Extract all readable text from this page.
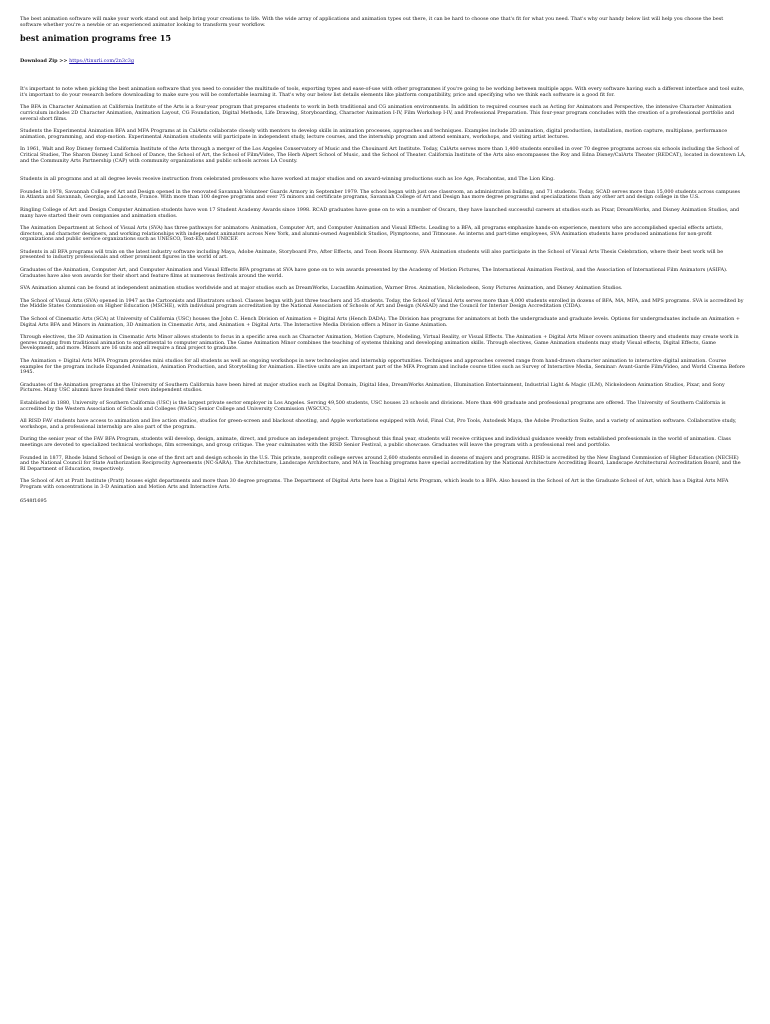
The best animation software will make your work stand out and help bring your creations to life. With the wide array of applications and animation types out there, it can be hard to choose one that's fit for what you need. That's why our handy below list will help you choose the best software whether you're a newbie or an experienced animator looking to transform your workflow.

best animation programs free 15
Download Zip >> https://tinurli.com/2n3c3g

It's important to note when picking the best animation software that you need to consider the multitude of tools, exporting types and ease-of-use with other programmes if you're going to be working between multiple apps. With every software having such a different interface and tool suite, it's important to do your research before downloading to make sure you will be comfortable learning it. That's why our below list details elements like platform compatibility, price and specifying who we think each software is a good fit for.

The BFA in Character Animation at California Institute of the Arts is a four-year program that prepares students to work in both traditional and CG animation environments. In addition to required courses such as Acting for Animators and Perspective, the intensive Character Animation curriculum includes 2D Character Animation, Animation Layout, CG Foundation, Digital Methods, Life Drawing, Storyboarding, Character Animation I-IV, Film Workshop I-IV, and Professional Preparation. This four-year program concludes with the creation of a professional portfolio and several short films.

Students the Experimental Animation BFA and MFA Programs at in CalArts collaborate closely with mentors to develop skills in animation processes, approaches and techniques. Examples include 2D animation, digital production, installation, motion capture, multiplane, performance animation, programming, and stop-motion. Experimental Animation students will participate in independent study, lecture courses, and the internship program and attend seminars, workshops, and visiting artist lectures.

In 1961, Walt and Roy Disney formed California Institute of the Arts through a merger of the Los Angeles Conservatory of Music and the Chouinard Art Institute. Today, CalArts serves more than 1,400 students enrolled in over 70 degree programs across six schools including the School of Critical Studies, The Sharon Disney Lund School of Dance, the School of Art, the School of Film/Video, The Herb Alpert School of Music, and the School of Theater. California Institute of the Arts also encompasses the Roy and Edna Disney/CalArts Theater (REDCAT), located in downtown LA, and the Community Arts Partnership (CAP) with community organizations and public schools across LA County.

Students in all programs and at all degree levels receive instruction from celebrated professors who have worked at major studios and on award-winning productions such as Ice Age, Pocahontas, and The Lion King.

Founded in 1978, Savannah College of Art and Design opened in the renovated Savannah Volunteer Guards Armory in September 1979. The school began with just one classroom, an administration building, and 71 students. Today, SCAD serves more than 15,000 students across campuses in Atlanta and Savannah, Georgia, and Lacoste, France. With more than 100 degree programs and over 75 minors and certificate programs, Savannah College of Art and Design has more degree programs and specializations than any other art and design college in the U.S.

Ringling College of Art and Design Computer Animation students have won 17 Student Academy Awards since 1998. RCAD graduates have gone on to win a number of Oscars, they have launched successful careers at studios such as Pixar, DreamWorks, and Disney Animation Studios, and many have started their own companies and animation studios.

The Animation Department at School of Visual Arts (SVA) has three pathways for animators: Animation, Computer Art, and Computer Animation and Visual Effects. Leading to a BFA, all programs emphasize hands-on experience, mentors who are accomplished special effects artists, directors, and character designers, and working relationships with independent animators across New York, and alumni-owned Augenblick Studios, Plymptoons, and Titmouse. As interns and part-time employees, SVA Animation students have produced animations for non-profit organizations and public service organizations such as UNESCO, Text-ED, and UNICEF.

Students in all BFA programs will train on the latest industry software including Maya, Adobe Animate, Storyboard Pro, After Effects, and Toon Boom Harmony. SVA Animation students will also participate in the School of Visual Arts Thesis Celebration, where their best work will be presented to industry professionals and other prominent figures in the world of art.

Graduates of the Animation, Computer Art, and Computer Animation and Visual Effects BFA programs at SVA have gone on to win awards presented by the Academy of Motion Pictures, The International Animation Festival, and the Association of International Film Animators (ASIFA). Graduates have also won awards for their short and feature films at numerous festivals around the world.

SVA Animation alumni can be found at independent animation studios worldwide and at major studios such as DreamWorks, Lucasfilm Animation, Warner Bros. Animation, Nickelodeon, Sony Pictures Animation, and Disney Animation Studios.

The School of Visual Arts (SVA) opened in 1947 as the Cartoonists and Illustrators school. Classes began with just three teachers and 35 students. Today, the School of Visual Arts serves more than 4,000 students enrolled in dozens of BFA, MA, MFA, and MPS programs. SVA is accredited by the Middle States Commission on Higher Education (MSCHE), with individual program accreditation by the National Association of Schools of Art and Design (NASAD) and the Council for Interior Design Accreditation (CIDA).

The School of Cinematic Arts (SCA) at University of California (USC) houses the John C. Hench Division of Animation + Digital Arts (Hench DADA). The Division has programs for animators at both the undergraduate and graduate levels. Options for undergraduates include an Animation + Digital Arts BFA and Minors in Animation, 3D Animation in Cinematic Arts, and Animation + Digital Arts. The Interactive Media Division offers a Minor in Game Animation.

Through electives, the 3D Animation in Cinematic Arts Minor allows students to focus in a specific area such as Character Animation, Motion Capture, Modeling, Virtual Reality, or Visual Effects. The Animation + Digital Arts Minor covers animation theory and students may create work in genres ranging from traditional animation to experimental to computer animation. The Game Animation Minor combines the teaching of systems thinking and developing animation skills. Through electives, Game Animation students may study Visual effects, Digital Effects, Game Development, and more. Minors are 16 units and all require a final project to graduate.

The Animation + Digital Arts MFA Program provides mini studios for all students as well as ongoing workshops in new technologies and internship opportunities. Techniques and approaches covered range from hand-drawn character animation to interactive digital animation. Course examples for the program include Expanded Animation, Animation Production, and Storytelling for Animation. Elective units are an important part of the MFA Program and include course titles such as Survey of Interactive Media, Seminar: Avant-Garde Film/Video, and World Cinema Before 1945.

Graduates of the Animation programs at the University of Southern California have been hired at major studios such as Digital Domain, Digital Idea, DreamWorks Animation, Illumination Entertainment, Industrial Light & Magic (ILM), Nickelodeon Animation Studios, Pixar, and Sony Pictures. Many USC alumni have founded their own independent studios.

Established in 1880, University of Southern California (USC) is the largest private sector employer in Los Angeles. Serving 49,500 students, USC houses 23 schools and divisions. More than 400 graduate and professional programs are offered. The University of Southern California is accredited by the Western Association of Schools and Colleges (WASC) Senior College and University Commission (WSCUC).

All RISD FAV students have access to animation and live action studios, studios for green-screen and blackout shooting, and Apple workstations equipped with Avid, Final Cut, Pro Tools, Autodesk Maya, the Adobe Production Suite, and a variety of animation software. Collaborative study, workshops, and a professional internship are also part of the program.

During the senior year of the FAV BFA Program, students will develop, design, animate, direct, and produce an independent project. Throughout this final year, students will receive critiques and individual guidance weekly from established professionals in the world of animation. Class meetings are devoted to specialized technical workshops, film screenings, and group critique. The year culminates with the RISD Senior Festival, a public showcase. Graduates will leave the program with a professional reel and portfolio.

Founded in 1877, Rhode Island School of Design is one of the first art and design schools in the U.S. This private, nonprofit college serves around 2,600 students enrolled in dozens of majors and programs. RISD is accredited by the New England Commission of Higher Education (NECHE) and the National Council for State Authorization Reciprocity Agreements (NC-SARA). The Architecture, Landscape Architecture, and MA in Teaching programs have special accreditation by the National Architecture Accrediting Board, Landscape Architectural Accreditation Board, and the RI Department of Education, respectively.

The School of Art at Pratt Institute (Pratt) houses eight departments and more than 30 degree programs. The Department of Digital Arts here has a Digital Arts Program, which leads to a BFA. Also housed in the School of Art is the Graduate School of Art, which has a Digital Arts MFA Program with concentrations in 3-D Animation and Motion Arts and Interactive Arts.

6548f1695
